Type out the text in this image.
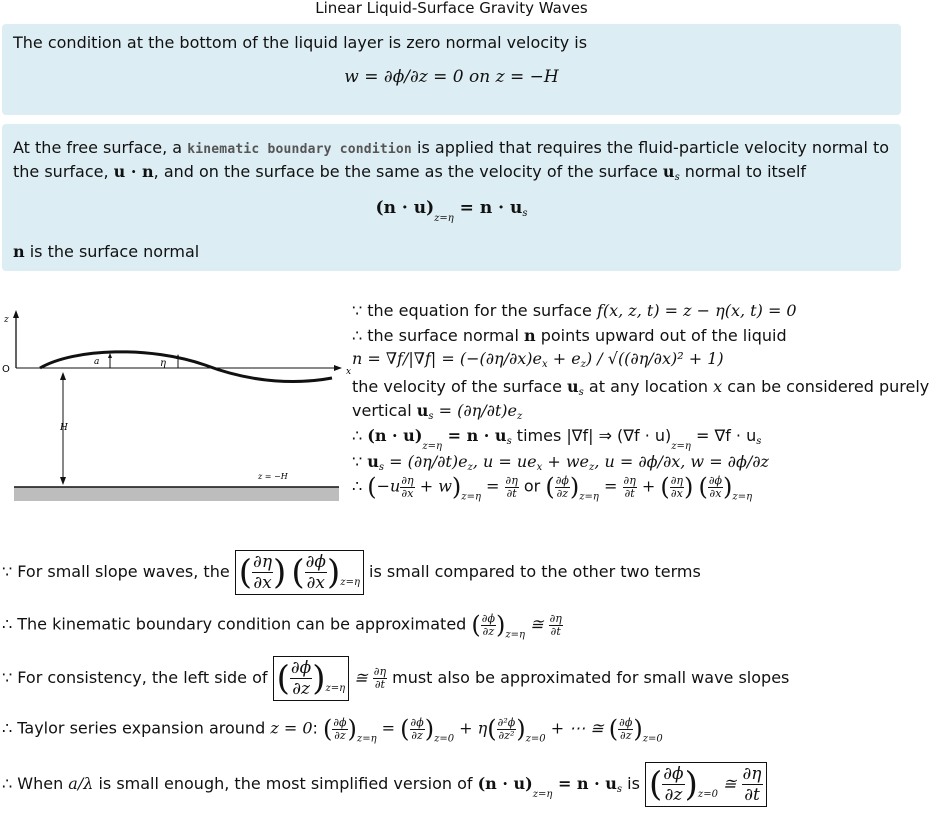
Linear Liquid-Surface Gravity Waves
The condition at the bottom of the liquid layer is zero normal velocity is
w = ∂ϕ/∂z = 0 on z = −H
At the free surface, a kinematic boundary condition is applied that requires the fluid-particle velocity normal to
the surface, u · n, and on the surface be the same as the velocity of the surface $u_s$ normal to itself
$(n \cdot u)_{z=\eta} = n \cdot u_s$
n is the surface normal
z
x
O
a	η
H
z = −H
∵ the equation for the surface f(x, z, t) = z − η(x, t) = 0
∴ the surface normal n points upward out of the liquid
$n = \nabla f/|\nabla f| = (-(\partial\eta/\partial x)e_x + e_z) / √((\partial\eta/\partial x)^2 + 1)$
the velocity of the surface $u_s$ at any location x can be considered purely
vertical $u_s = (\partial\eta/\partial t)e_z$
∴ $(n \cdot u)_{z=\eta} = n \cdot u_s$ times |∇f| ⇒ $(\nabla f \cdot u)_{z=\eta} = \nabla f \cdot u_s$
∵ $u_s = (\partial\eta/\partial t)e_z$, $u = ue_x + we_z$, u = ∂ϕ/∂x, w = ∂ϕ/∂z
∴ $(-u \frac{\partial\eta}{\partial x} + w)_{z=\eta} = \frac{\partial\eta}{\partial t}$ or ( $\frac{\partial\phi}{\partial z} )_{z=\eta} = \frac{\partial\eta}{\partial t}$ + ( $\frac{\partial\eta}{\partial x}$ ) ( $\frac{\partial\phi}{\partial x} )_{z=\eta}$
∵ For small slope waves, the ( $\frac{\partial\eta}{\partial x}$ ) ( $\frac{\partial\phi}{\partial x} )_{z=\eta}$ is small compared to the other two terms
∴ The kinematic boundary condition can be approximated ( $\frac{\partial\phi}{\partial z} )_{z=\eta}$ ≅ $\frac{\partial\eta}{\partial t}$
∵ For consistency, the left side of ( $\frac{\partial\phi}{\partial z} )_{z=\eta}$ ≅ $\frac{\partial\eta}{\partial t}$ must also be approximated for small wave slopes
∴ Taylor series expansion around z = 0: ( $\frac{\partial\phi}{\partial z} )_{z=\eta}$ = ( $\frac{\partial\phi}{\partial z} )_{z=0} + \eta( \frac{\text{∂²ϕ}}{\text{∂z²}} )_{z=0}$ + ⋯ ≅ ( $\frac{\partial\phi}{\partial z} )_{z=0}$
∴ When a/λ is small enough, the most simplified version of $(n \cdot u)_{z=\eta} = n \cdot u_s$ is ( $\frac{\partial\phi}{\partial z} )_{z=0}$ ≅ $\frac{\partial\eta}{\partial t}$
